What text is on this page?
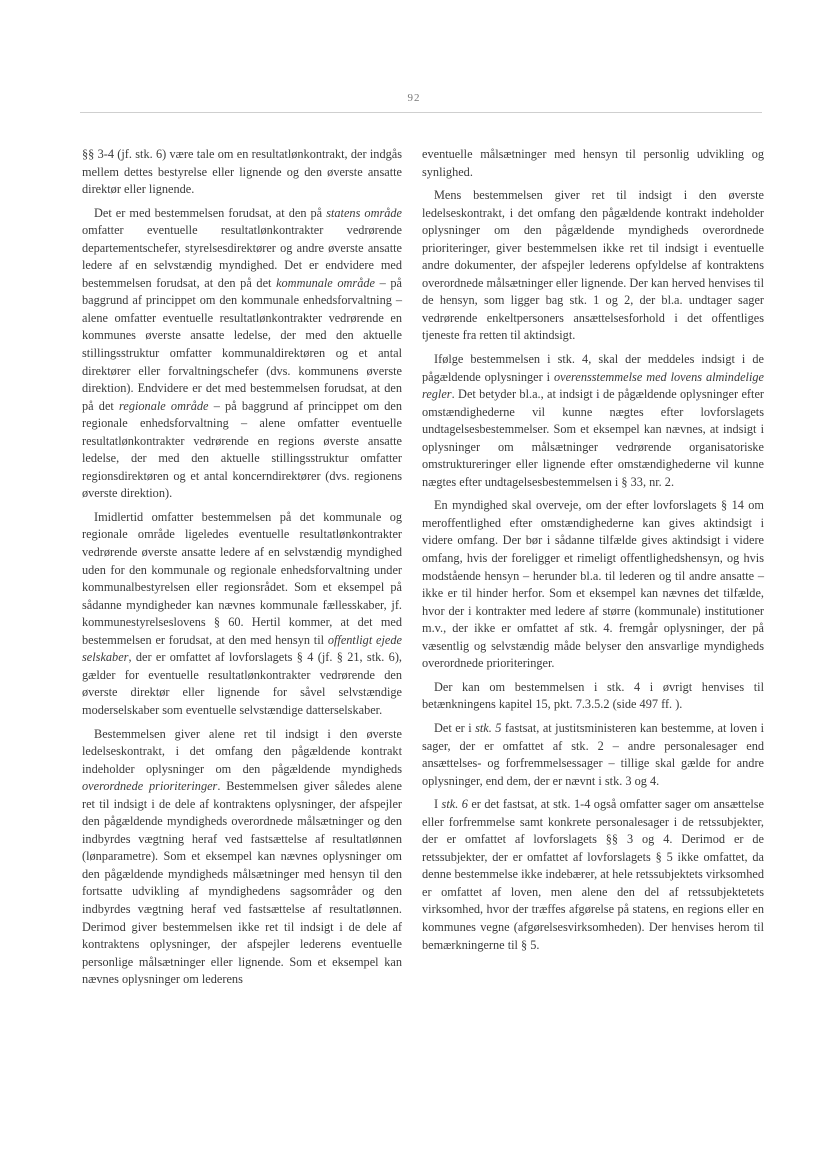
92

§§ 3-4 (jf. stk. 6) være tale om en resultatlønkontrakt, der indgås mellem dettes bestyrelse eller lignende og den øverste ansatte direktør eller lignende.

Det er med bestemmelsen forudsat, at den på statens område omfatter eventuelle resultatlønkontrakter vedrørende departementschefer, styrelsesdirektører og andre øverste ansatte ledere af en selvstændig myndighed. Det er endvidere med bestemmelsen forudsat, at den på det kommunale område – på baggrund af princippet om den kommunale enhedsforvaltning – alene omfatter eventuelle resultatlønkontrakter vedrørende en kommunes øverste ansatte ledelse, der med den aktuelle stillingsstruktur omfatter kommunaldirektøren og et antal direktører eller forvaltningschefer (dvs. kommunens øverste direktion). Endvidere er det med bestemmelsen forudsat, at den på det regionale område – på baggrund af princippet om den regionale enhedsforvaltning – alene omfatter eventuelle resultatlønkontrakter vedrørende en regions øverste ansatte ledelse, der med den aktuelle stillingsstruktur omfatter regionsdirektøren og et antal koncerndirektører (dvs. regionens øverste direktion).

Imidlertid omfatter bestemmelsen på det kommunale og regionale område ligeledes eventuelle resultatlønkontrakter vedrørende øverste ansatte ledere af en selvstændig myndighed uden for den kommunale og regionale enhedsforvaltning under kommunalbestyrelsen eller regionsrådet. Som et eksempel på sådanne myndigheder kan nævnes kommunale fællesskaber, jf. kommunestyrelseslovens § 60. Hertil kommer, at det med bestemmelsen er forudsat, at den med hensyn til offentligt ejede selskaber, der er omfattet af lovforslagets § 4 (jf. § 21, stk. 6), gælder for eventuelle resultatlønkontrakter vedrørende den øverste direktør eller lignende for såvel selvstændige moderselskaber som eventuelle selvstændige datterselskaber.

Bestemmelsen giver alene ret til indsigt i den øverste ledelseskontrakt, i det omfang den pågældende kontrakt indeholder oplysninger om den pågældende myndigheds overordnede prioriteringer. Bestemmelsen giver således alene ret til indsigt i de dele af kontraktens oplysninger, der afspejler den pågældende myndigheds overordnede målsætninger og den indbyrdes vægtning heraf ved fastsættelse af resultatlønnen (lønparametre). Som et eksempel kan nævnes oplysninger om den pågældende myndigheds målsætninger med hensyn til den fortsatte udvikling af myndighedens sagsområder og den indbyrdes vægtning heraf ved fastsættelse af resultatlønnen. Derimod giver bestemmelsen ikke ret til indsigt i de dele af kontraktens oplysninger, der afspejler lederens eventuelle personlige målsætninger eller lignende. Som et eksempel kan nævnes oplysninger om lederens

eventuelle målsætninger med hensyn til personlig udvikling og synlighed.

Mens bestemmelsen giver ret til indsigt i den øverste ledelseskontrakt, i det omfang den pågældende kontrakt indeholder oplysninger om den pågældende myndigheds overordnede prioriteringer, giver bestemmelsen ikke ret til indsigt i eventuelle andre dokumenter, der afspejler lederens opfyldelse af kontraktens overordnede målsætninger eller lignende. Der kan herved henvises til de hensyn, som ligger bag stk. 1 og 2, der bl.a. undtager sager vedrørende enkeltpersoners ansættelsesforhold i det offentliges tjeneste fra retten til aktindsigt.

Ifølge bestemmelsen i stk. 4, skal der meddeles indsigt i de pågældende oplysninger i overensstemmelse med lovens almindelige regler. Det betyder bl.a., at indsigt i de pågældende oplysninger efter omstændighederne vil kunne nægtes efter lovforslagets undtagelsesbestemmelser. Som et eksempel kan nævnes, at indsigt i oplysninger om målsætninger vedrørende organisatoriske omstruktureringer eller lignende efter omstændighederne vil kunne nægtes efter undtagelsesbestemmelsen i § 33, nr. 2.

En myndighed skal overveje, om der efter lovforslagets § 14 om meroffentlighed efter omstændighederne kan gives aktindsigt i videre omfang. Der bør i sådanne tilfælde gives aktindsigt i videre omfang, hvis der foreligger et rimeligt offentlighedshensyn, og hvis modstående hensyn – herunder bl.a. til lederen og til andre ansatte – ikke er til hinder herfor. Som et eksempel kan nævnes det tilfælde, hvor der i kontrakter med ledere af større (kommunale) institutioner m.v., der ikke er omfattet af stk. 4. fremgår oplysninger, der på væsentlig og selvstændig måde belyser den ansvarlige myndigheds overordnede prioriteringer.

Der kan om bestemmelsen i stk. 4 i øvrigt henvises til betænkningens kapitel 15, pkt. 7.3.5.2 (side 497 ff. ).

Det er i stk. 5 fastsat, at justitsministeren kan bestemme, at loven i sager, der er omfattet af stk. 2 – andre personalesager end ansættelses- og forfremmelsessager – tillige skal gælde for andre oplysninger, end dem, der er nævnt i stk. 3 og 4.

I stk. 6 er det fastsat, at stk. 1-4 også omfatter sager om ansættelse eller forfremmelse samt konkrete personalesager i de retssubjekter, der er omfattet af lovforslagets §§ 3 og 4. Derimod er de retssubjekter, der er omfattet af lovforslagets § 5 ikke omfattet, da denne bestemmelse ikke indebærer, at hele retssubjektets virksomhed er omfattet af loven, men alene den del af retssubjektetets virksomhed, hvor der træffes afgørelse på statens, en regions eller en kommunes vegne (afgørelsesvirksomheden). Der henvises herom til bemærkningerne til § 5.
